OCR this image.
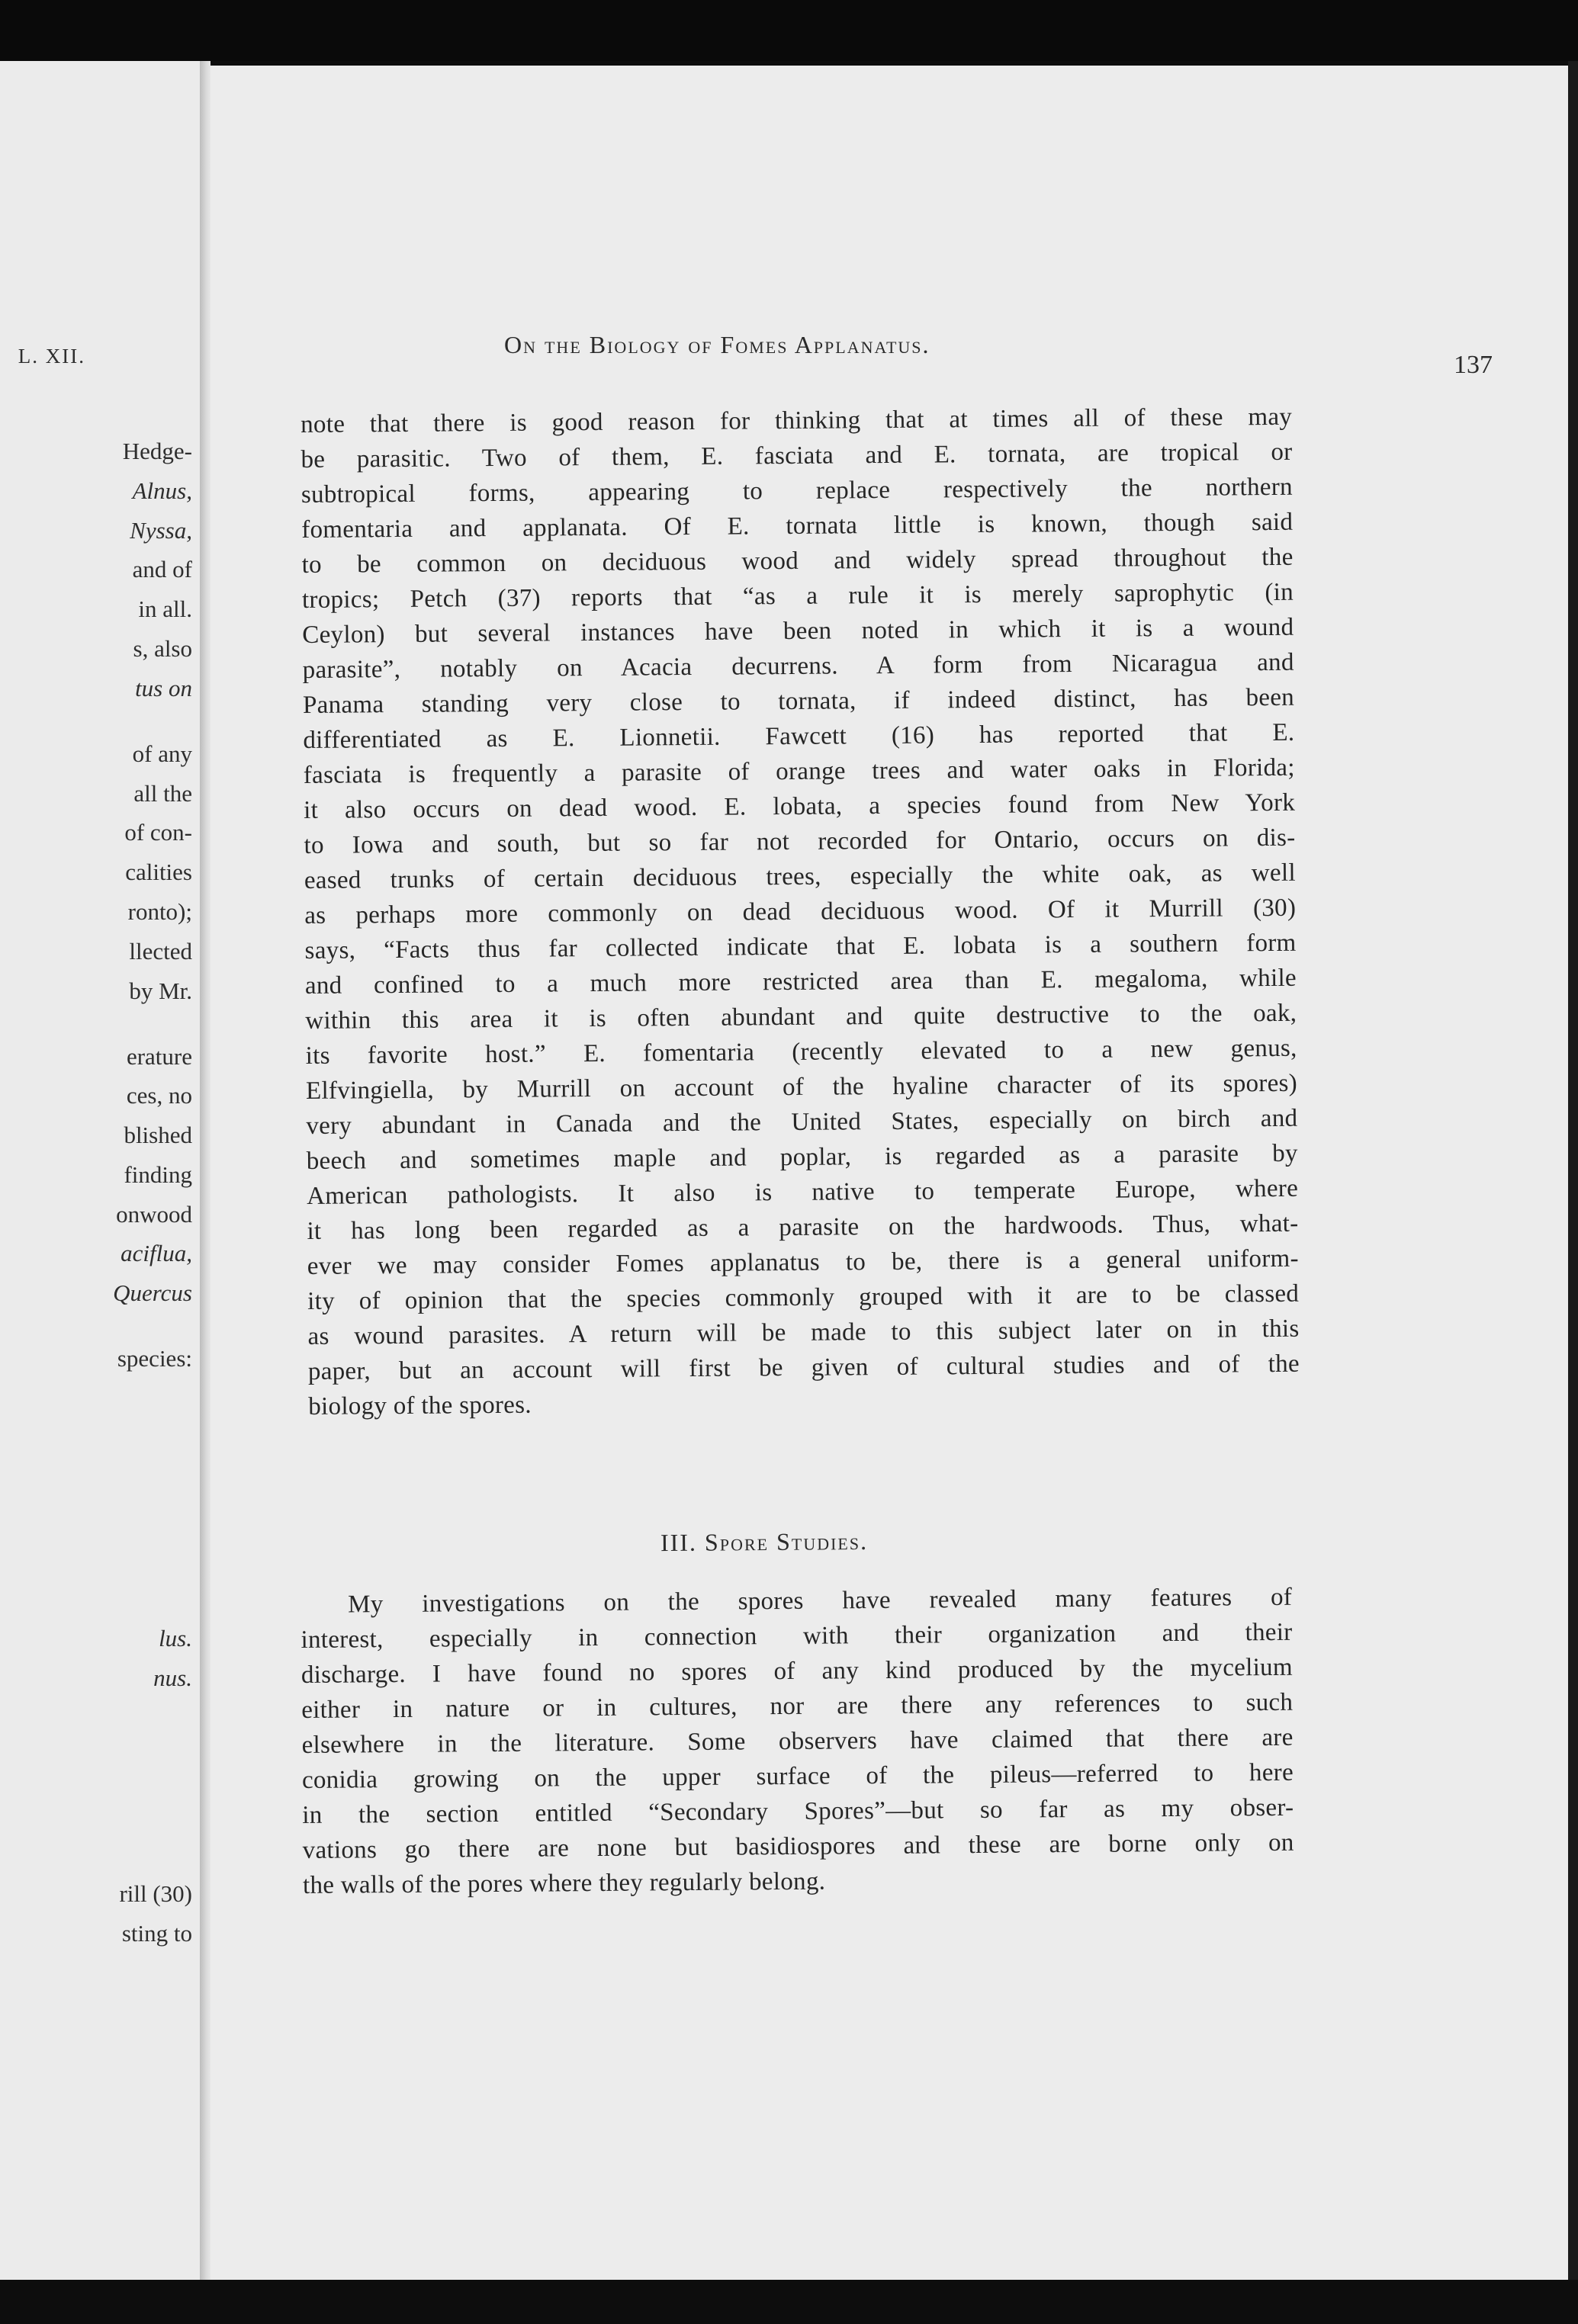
L. XII.
Hedge-
Alnus,
Nyssa,
and of
in all.
s, also
tus on
of any
all the
of con-
calities
ronto);
llected
by Mr.
erature
ces, no
blished
finding
onwood
aciflua,
Quercus
species:
lus.
nus.
rill (30)
sting to
On the Biology of Fomes Applanatus.
137
note that there is good reason for thinking that at times all of these may
be parasitic. Two of them, E. fasciata and E. tornata, are tropical or
subtropical forms, appearing to replace respectively the northern
fomentaria and applanata. Of E. tornata little is known, though said
to be common on deciduous wood and widely spread throughout the
tropics; Petch (37) reports that “as a rule it is merely saprophytic (in
Ceylon) but several instances have been noted in which it is a wound
parasite”, notably on Acacia decurrens. A form from Nicaragua and
Panama standing very close to tornata, if indeed distinct, has been
differentiated as E. Lionnetii. Fawcett (16) has reported that E.
fasciata is frequently a parasite of orange trees and water oaks in Florida;
it also occurs on dead wood. E. lobata, a species found from New York
to Iowa and south, but so far not recorded for Ontario, occurs on dis-
eased trunks of certain deciduous trees, especially the white oak, as well
as perhaps more commonly on dead deciduous wood. Of it Murrill (30)
says, “Facts thus far collected indicate that E. lobata is a southern form
and confined to a much more restricted area than E. megaloma, while
within this area it is often abundant and quite destructive to the oak,
its favorite host.” E. fomentaria (recently elevated to a new genus,
Elfvingiella, by Murrill on account of the hyaline character of its spores)
very abundant in Canada and the United States, especially on birch and
beech and sometimes maple and poplar, is regarded as a parasite by
American pathologists. It also is native to temperate Europe, where
it has long been regarded as a parasite on the hardwoods. Thus, what-
ever we may consider Fomes applanatus to be, there is a general uniform-
ity of opinion that the species commonly grouped with it are to be classed
as wound parasites. A return will be made to this subject later on in this
paper, but an account will first be given of cultural studies and of the
biology of the spores.
III. Spore Studies.
My investigations on the spores have revealed many features of
interest, especially in connection with their organization and their
discharge. I have found no spores of any kind produced by the mycelium
either in nature or in cultures, nor are there any references to such
elsewhere in the literature. Some observers have claimed that there are
conidia growing on the upper surface of the pileus—referred to here
in the section entitled “Secondary Spores”—but so far as my obser-
vations go there are none but basidiospores and these are borne only on
the walls of the pores where they regularly belong.
